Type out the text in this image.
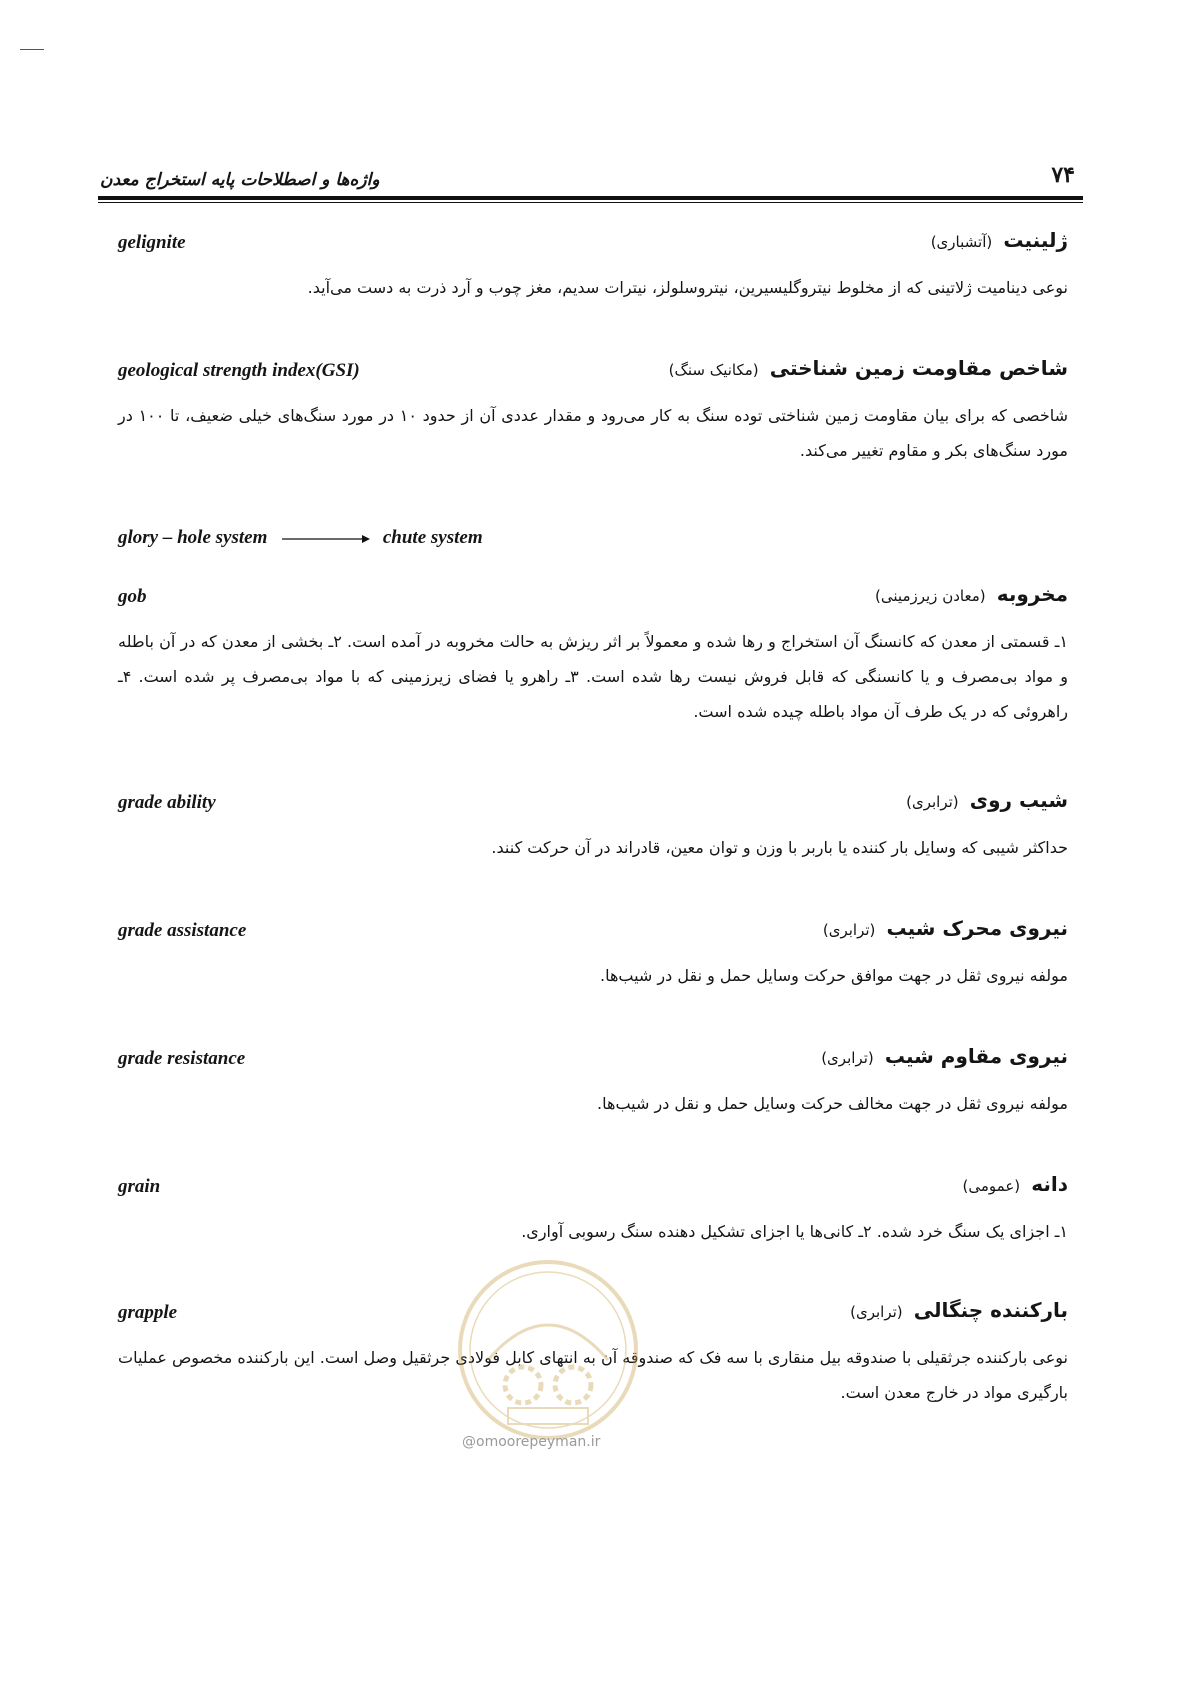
۷۴
واژه‌ها و اصطلاحات پایه استخراج معدن
gelignite	ژلینیت (آتشباری)
نوعی دینامیت ژلاتینی که از مخلوط نیتروگلیسیرین، نیتروسلولز، نیترات سدیم، مغز چوب و آرد ذرت به دست می‌آید.
geological strength index(GSI)	شاخص مقاومت زمین شناختی (مکانیک سنگ)
شاخصی که برای بیان مقاومت زمین شناختی توده سنگ به کار می‌رود و مقدار عددی آن از حدود ۱۰ در مورد سنگ‌های خیلی ضعیف، تا ۱۰۰ در مورد سنگ‌های بکر و مقاوم تغییر می‌کند.
glory – hole system	chute system
gob	مخروبه (معادن زیرزمینی)
۱ـ قسمتی از معدن که کانسنگ آن استخراج و رها شده و معمولاً بر اثر ریزش به حالت مخروبه در آمده است. ۲ـ بخشی از معدن که در آن باطله و مواد بی‌مصرف و یا کانسنگی که قابل فروش نیست رها شده است. ۳ـ راهرو یا فضای زیرزمینی که با مواد بی‌مصرف پر شده است. ۴ـ راهروئی که در یک طرف آن مواد باطله چیده شده است.
grade ability	شیب روی (ترابری)
حداکثر شیبی که وسایل بار کننده یا باربر با وزن و توان معین، قادراند در آن حرکت کنند.
grade assistance	نیروی محرک شیب (ترابری)
مولفه نیروی ثقل در جهت موافق حرکت وسایل حمل و نقل در شیب‌ها.
grade resistance	نیروی مقاوم شیب (ترابری)
مولفه نیروی ثقل در جهت مخالف حرکت وسایل حمل و نقل در شیب‌ها.
grain	دانه (عمومی)
۱ـ اجزای یک سنگ خرد شده. ۲ـ کانی‌ها یا اجزای تشکیل دهنده سنگ رسوبی آواری.
grapple	بارکننده چنگالی (ترابری)
نوعی بارکننده جرثقیلی با صندوقه بیل منقاری با سه فک که صندوقه آن به انتهای کابل فولادی جرثقیل وصل است. این بارکننده مخصوص عملیات بارگیری مواد در خارج معدن است.
@omoorepeyman.ir
